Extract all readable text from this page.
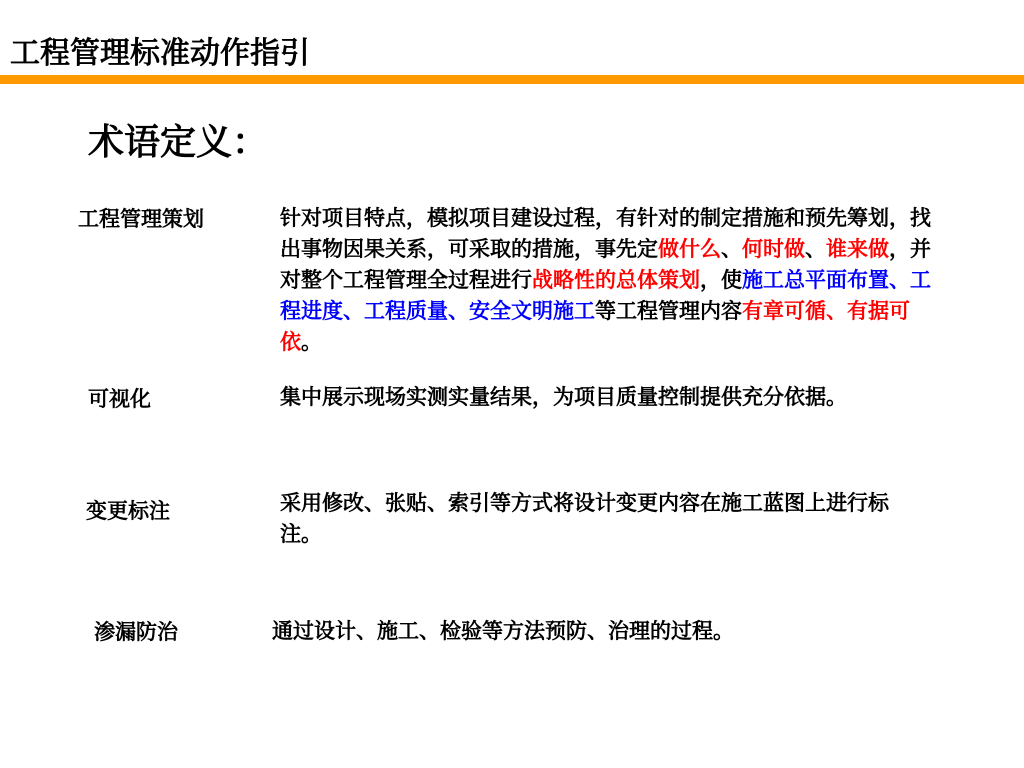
工程管理标准动作指引
术语定义：
工程管理策划	针对项目特点，模拟项目建设过程，有针对的制定措施和预先筹划，找出事物因果关系，可采取的措施，事先定做什么、何时做、谁来做，并对整个工程管理全过程进行战略性的总体策划，使施工总平面布置、工程进度、工程质量、安全文明施工等工程管理内容有章可循、有据可依。
可视化	集中展示现场实测实量结果，为项目质量控制提供充分依据。
变更标注	采用修改、张贴、索引等方式将设计变更内容在施工蓝图上进行标注。
渗漏防治	通过设计、施工、检验等方法预防、治理的过程。
